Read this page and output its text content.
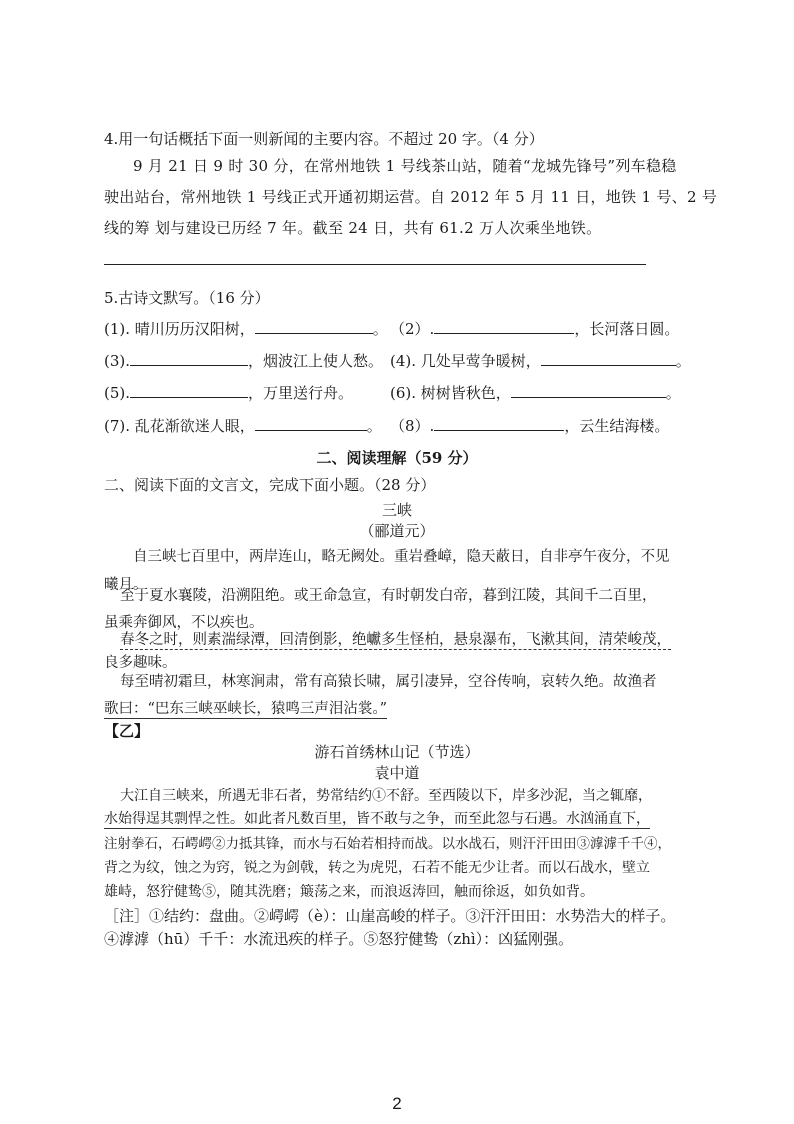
4.用一句话概括下面一则新闻的主要内容。不超过 20 字。（4 分）
9 月 21 日 9 时 30 分，在常州地铁 1 号线茶山站，随着“龙城先锋号”列车稳稳
驶出站台，常州地铁 1 号线正式开通初期运营。自 2012 年 5 月 11 日，地铁 1 号、2 号
线的筹 划与建设已历经 7 年。截至 24 日，共有 61.2 万人次乘坐地铁。
5.古诗文默写。（16 分）
(1). 晴川历历汉阳树，	。 （2）.	，长河落日圆。
(3).	，烟波江上使人愁。 (4). 几处早莺争暖树，	。
(5).	，万里送行舟。 (6). 树树皆秋色，	。
(7). 乱花渐欲迷人眼，	。 （8）.	，云生结海楼。
二、阅读理解（59 分）
二、阅读下面的文言文，完成下面小题。（28 分）
三峡
（郦道元）
自三峡七百里中，两岸连山，略无阙处。重岩叠嶂，隐天蔽日，自非亭午夜分，不见
曦月。
至于夏水襄陵，沿溯阻绝。或王命急宣，有时朝发白帝，暮到江陵，其间千二百里，
虽乘奔御风，不以疾也。
春冬之时，则素湍绿潭，回清倒影，绝巘多生怪柏，悬泉瀑布，飞漱其间，清荣峻茂，
良多趣味。
每至晴初霜旦，林寒涧肃，常有高猿长啸，属引凄异，空谷传响，哀转久绝。故渔者
歌曰：“巴东三峡巫峡长，猿鸣三声泪沾裳。”
【乙】
游石首绣林山记（节选）
袁中道
大江自三峡来，所遇无非石者，势常结约①不舒。至西陵以下，岸多沙泥，当之辄靡，
水始得逞其剽悍之性。如此者凡数百里，皆不敢与之争，而至此忽与石遇。水汹涌直下，
注射拳石，石崿崿②力抵其锋，而水与石始若相持而战。以水战石，则汗汗田田③滹滹千千④，
背之为纹，蚀之为窍，锐之为剑戟，转之为虎兕，石若不能无少让者。而以石战水，壁立
雄峙，怒狞健鸷⑤，随其洗磨；簸荡之来，而浪返涛回，触而徐返，如负如背。
［注］①结约：盘曲。②崿崿（è）：山崖高峻的样子。③汗汗田田：水势浩大的样子。
④滹滹（hū）千千：水流迅疾的样子。⑤怒狞健鸷（zhì）：凶猛刚强。
2
